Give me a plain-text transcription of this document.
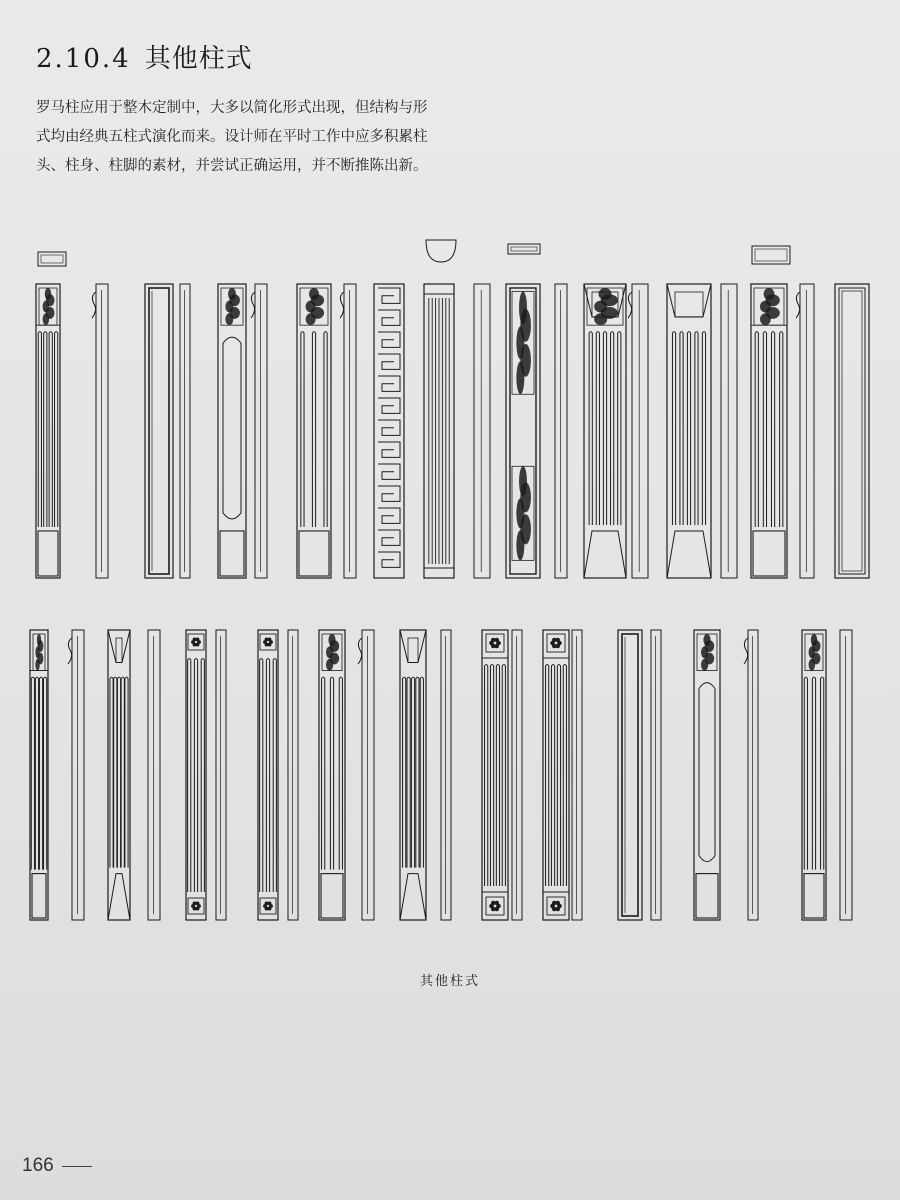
2.10.4 其他柱式

罗马柱应用于整木定制中，大多以简化形式出现，但结构与形
式均由经典五柱式演化而来。设计师在平时工作中应多积累柱
头、柱身、柱脚的素材，并尝试正确运用，并不断推陈出新。

其他柱式
166
